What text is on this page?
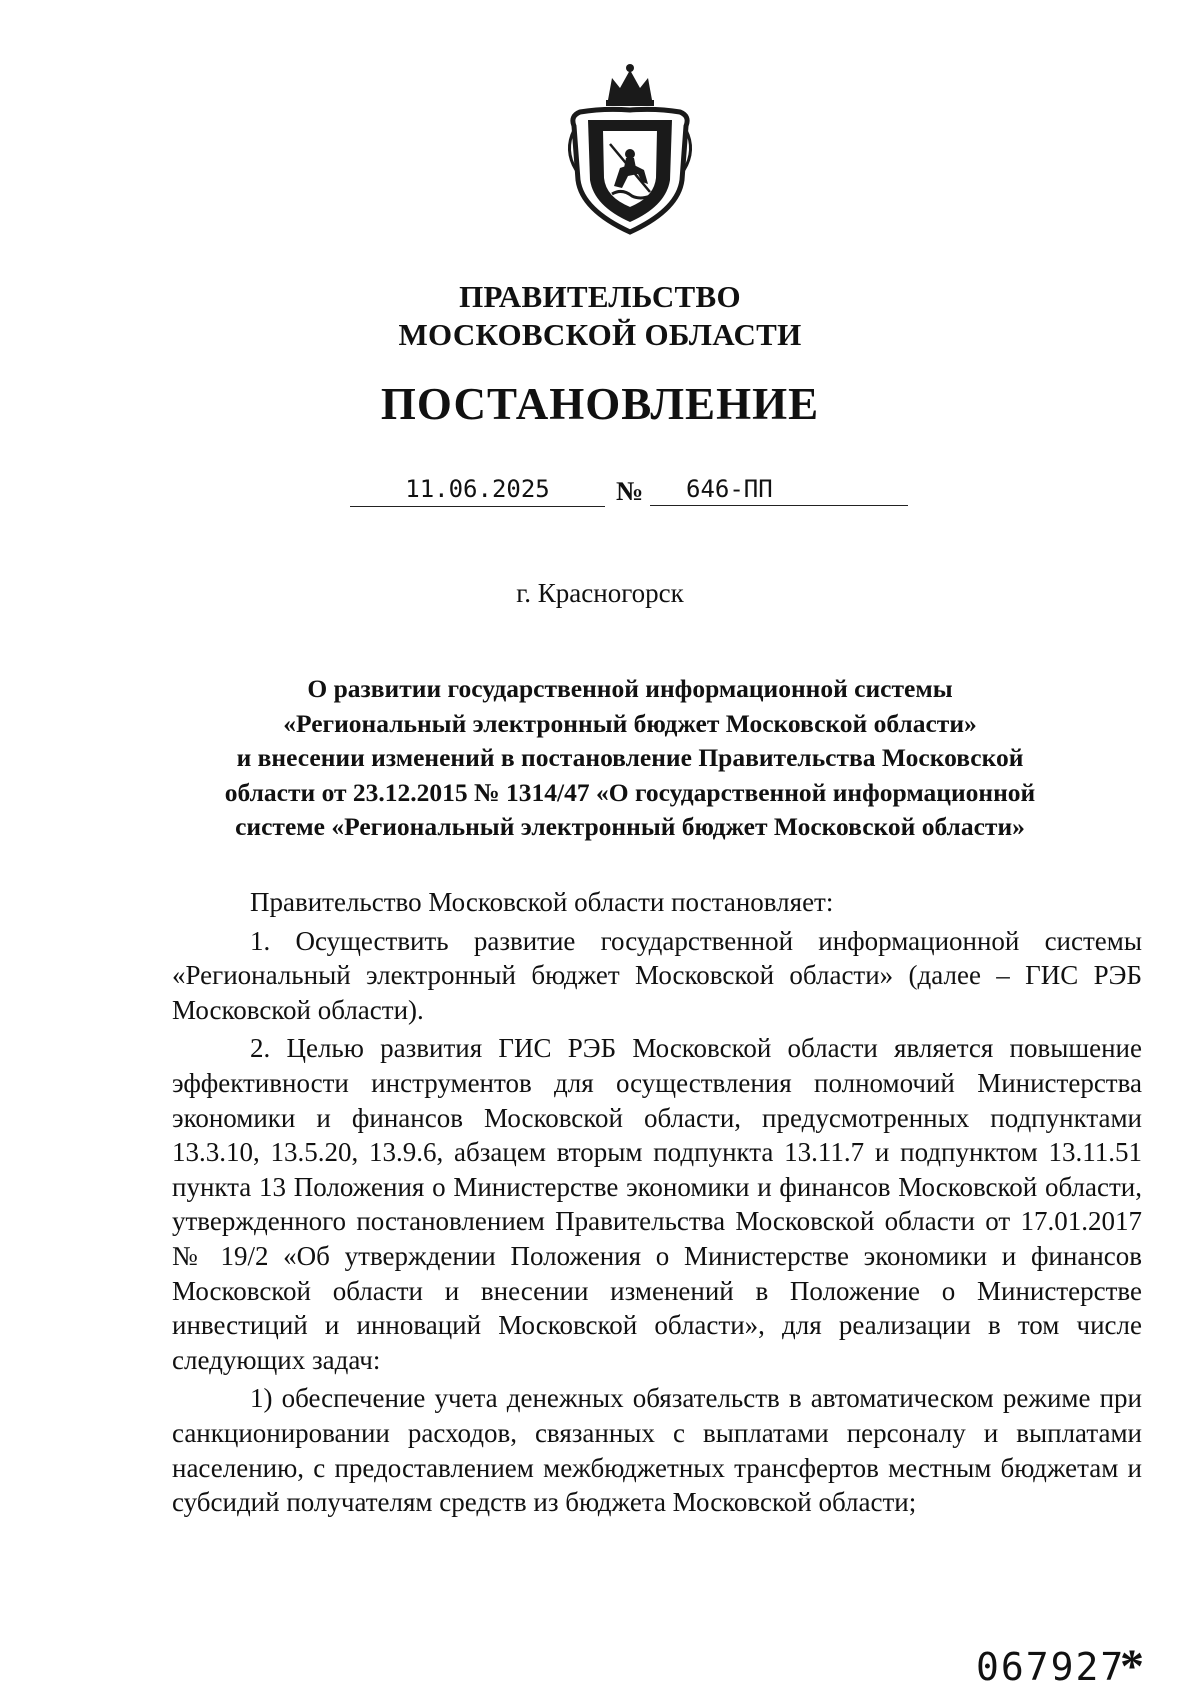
ПРАВИТЕЛЬСТВО
МОСКОВСКОЙ ОБЛАСТИ
ПОСТАНОВЛЕНИЕ
11.06.2025	№	646-ПП
г. Красногорск
О развитии государственной информационной системы
«Региональный электронный бюджет Московской области»
и внесении изменений в постановление Правительства Московской
области от 23.12.2015 № 1314/47 «О государственной информационной
системе «Региональный электронный бюджет Московской области»

Правительство Московской области постановляет:

1. Осуществить развитие государственной информационной системы «Региональный электронный бюджет Московской области» (далее – ГИС РЭБ Московской области).

2. Целью развития ГИС РЭБ Московской области является повышение эффективности инструментов для осуществления полномочий Министерства экономики и финансов Московской области, предусмотренных подпунктами 13.3.10, 13.5.20, 13.9.6, абзацем вторым подпункта 13.11.7 и подпунктом 13.11.51 пункта 13 Положения о Министерстве экономики и финансов Московской области, утвержденного постановлением Правительства Московской области от 17.01.2017 № 19/2 «Об утверждении Положения о Министерстве экономики и финансов Московской области и внесении изменений в Положение о Министерстве инвестиций и инноваций Московской области», для реализации в том числе следующих задач:

1) обеспечение учета денежных обязательств в автоматическом режиме при санкционировании расходов, связанных с выплатами персоналу и выплатами населению, с предоставлением межбюджетных трансфертов местным бюджетам и субсидий получателям средств из бюджета Московской области;

067927
*
